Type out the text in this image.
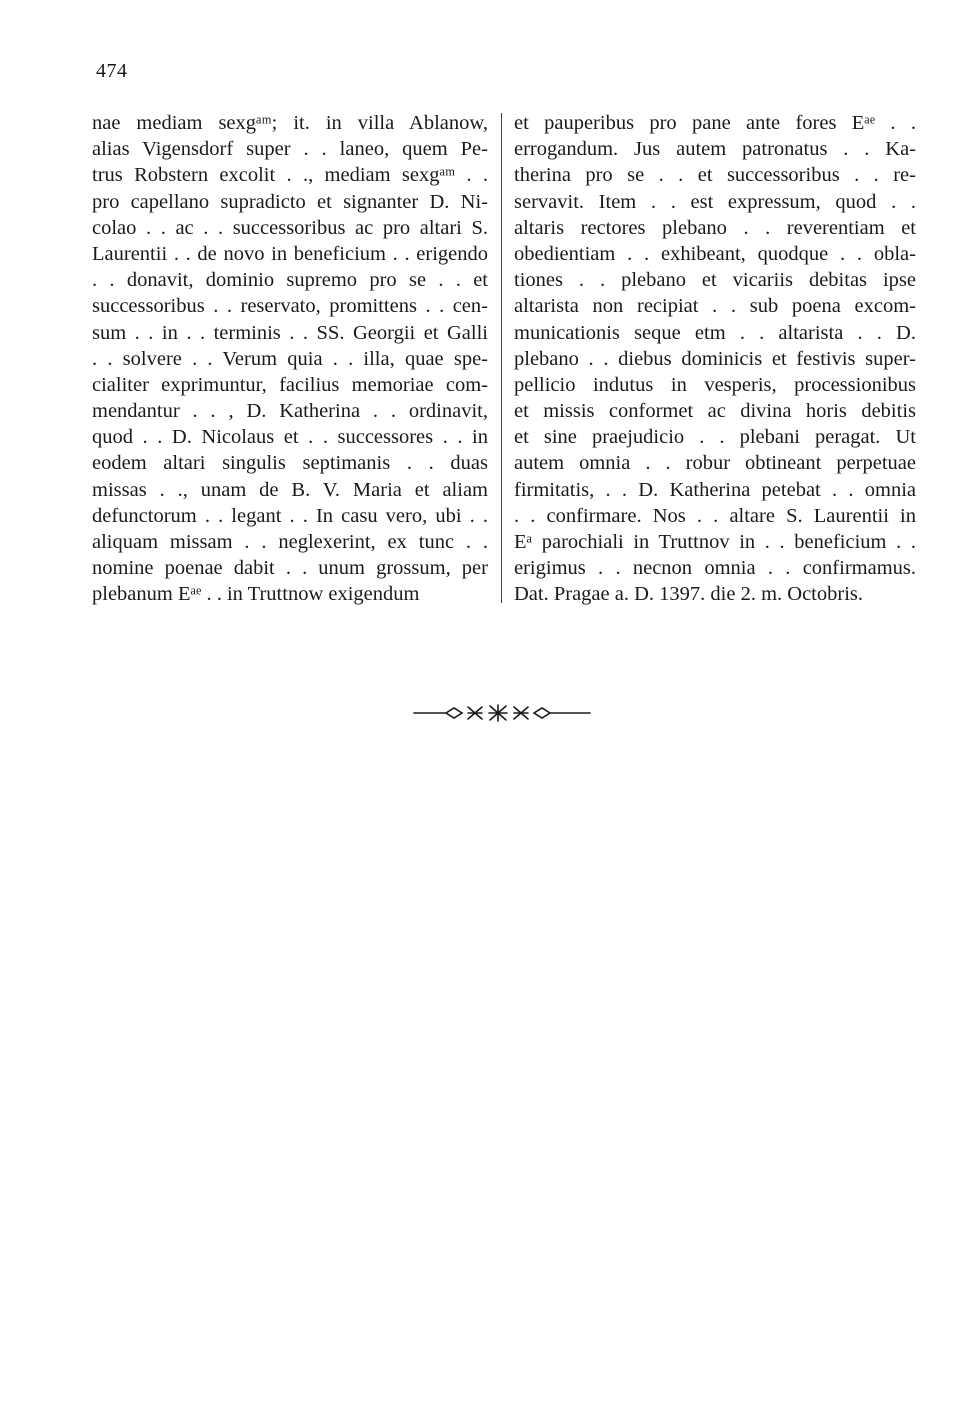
474
nae mediam sexgᵃᵐ; it. in villa Ablanow,
alias Vigensdorf super . . laneo, quem Pe-
trus Robstern excolit . ., mediam sexgᵃᵐ . .
pro capellano supradicto et signanter D. Ni-
colao . . ac . . successoribus ac pro altari S.
Laurentii . . de novo in beneficium . . erigendo
. . donavit, dominio supremo pro se . . et
successoribus . . reservato, promittens . . cen-
sum . . in . . terminis . . SS. Georgii et Galli
. . solvere . . Verum quia . . illa, quae spe-
cialiter exprimuntur, facilius memoriae com-
mendantur . . , D. Katherina . . ordinavit,
quod . . D. Nicolaus et . . successores . . in
eodem altari singulis septimanis . . duas
missas . ., unam de B. V. Maria et aliam
defunctorum . . legant . . In casu vero, ubi . .
aliquam missam . . neglexerint, ex tunc . .
nomine poenae dabit . . unum grossum, per
plebanum Eᵃᵉ . . in Truttnow exigendum
et pauperibus pro pane ante fores Eᵃᵉ . .
errogandum. Jus autem patronatus . . Ka-
therina pro se . . et successoribus . . re-
servavit. Item . . est expressum, quod . .
altaris rectores plebano . . reverentiam et
obedientiam . . exhibeant, quodque . . obla-
tiones . . plebano et vicariis debitas ipse
altarista non recipiat . . sub poena excom-
municationis seque etm . . altarista . . D.
plebano . . diebus dominicis et festivis super-
pellicio indutus in vesperis, processionibus
et missis conformet ac divina horis debitis
et sine praejudicio . . plebani peragat. Ut
autem omnia . . robur obtineant perpetuae
firmitatis, . . D. Katherina petebat . . omnia
. . confirmare. Nos . . altare S. Laurentii in
Eᵃ parochiali in Truttnov in . . beneficium . .
erigimus . . necnon omnia . . confirmamus.
Dat. Pragae a. D. 1397. die 2. m. Octobris.
